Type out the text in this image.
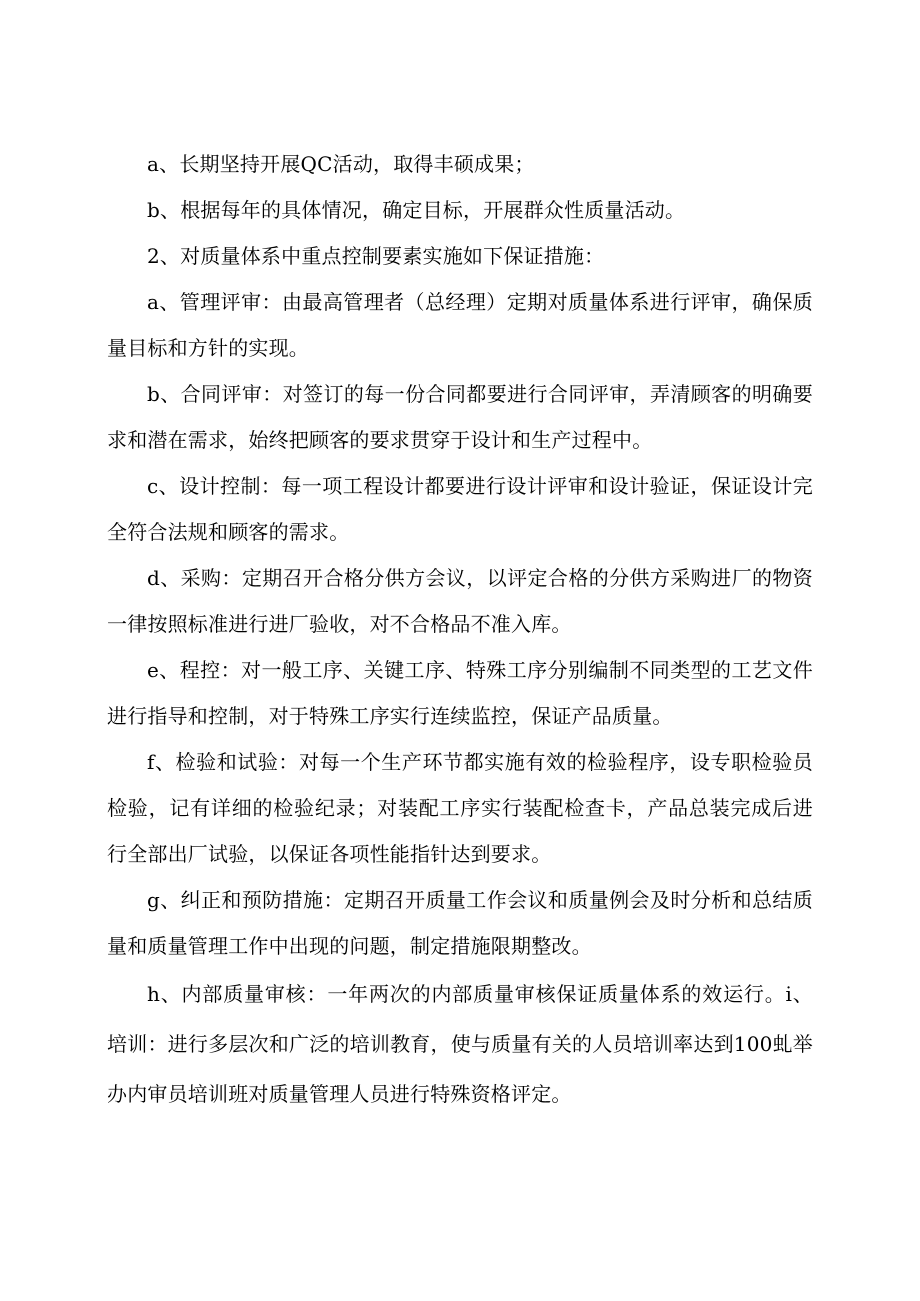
a、长期坚持开展QC活动，取得丰硕成果；

b、根据每年的具体情况，确定目标，开展群众性质量活动。

2、对质量体系中重点控制要素实施如下保证措施：

a、管理评审：由最高管理者（总经理）定期对质量体系进行评审，确保质量目标和方针的实现。

b、合同评审：对签订的每一份合同都要进行合同评审，弄清顾客的明确要求和潜在需求，始终把顾客的要求贯穿于设计和生产过程中。

c、设计控制：每一项工程设计都要进行设计评审和设计验证，保证设计完全符合法规和顾客的需求。

d、采购：定期召开合格分供方会议，以评定合格的分供方采购进厂的物资一律按照标准进行进厂验收，对不合格品不准入库。

e、程控：对一般工序、关键工序、特殊工序分别编制不同类型的工艺文件进行指导和控制，对于特殊工序实行连续监控，保证产品质量。

f、检验和试验：对每一个生产环节都实施有效的检验程序，设专职检验员检验，记有详细的检验纪录；对装配工序实行装配检查卡，产品总装完成后进行全部出厂试验，以保证各项性能指针达到要求。

g、纠正和预防措施：定期召开质量工作会议和质量例会及时分析和总结质量和质量管理工作中出现的问题，制定措施限期整改。

h、内部质量审核：一年两次的内部质量审核保证质量体系的效运行。i、培训：进行多层次和广泛的培训教育，使与质量有关的人员培训率达到100虬举办内审员培训班对质量管理人员进行特殊资格评定。
